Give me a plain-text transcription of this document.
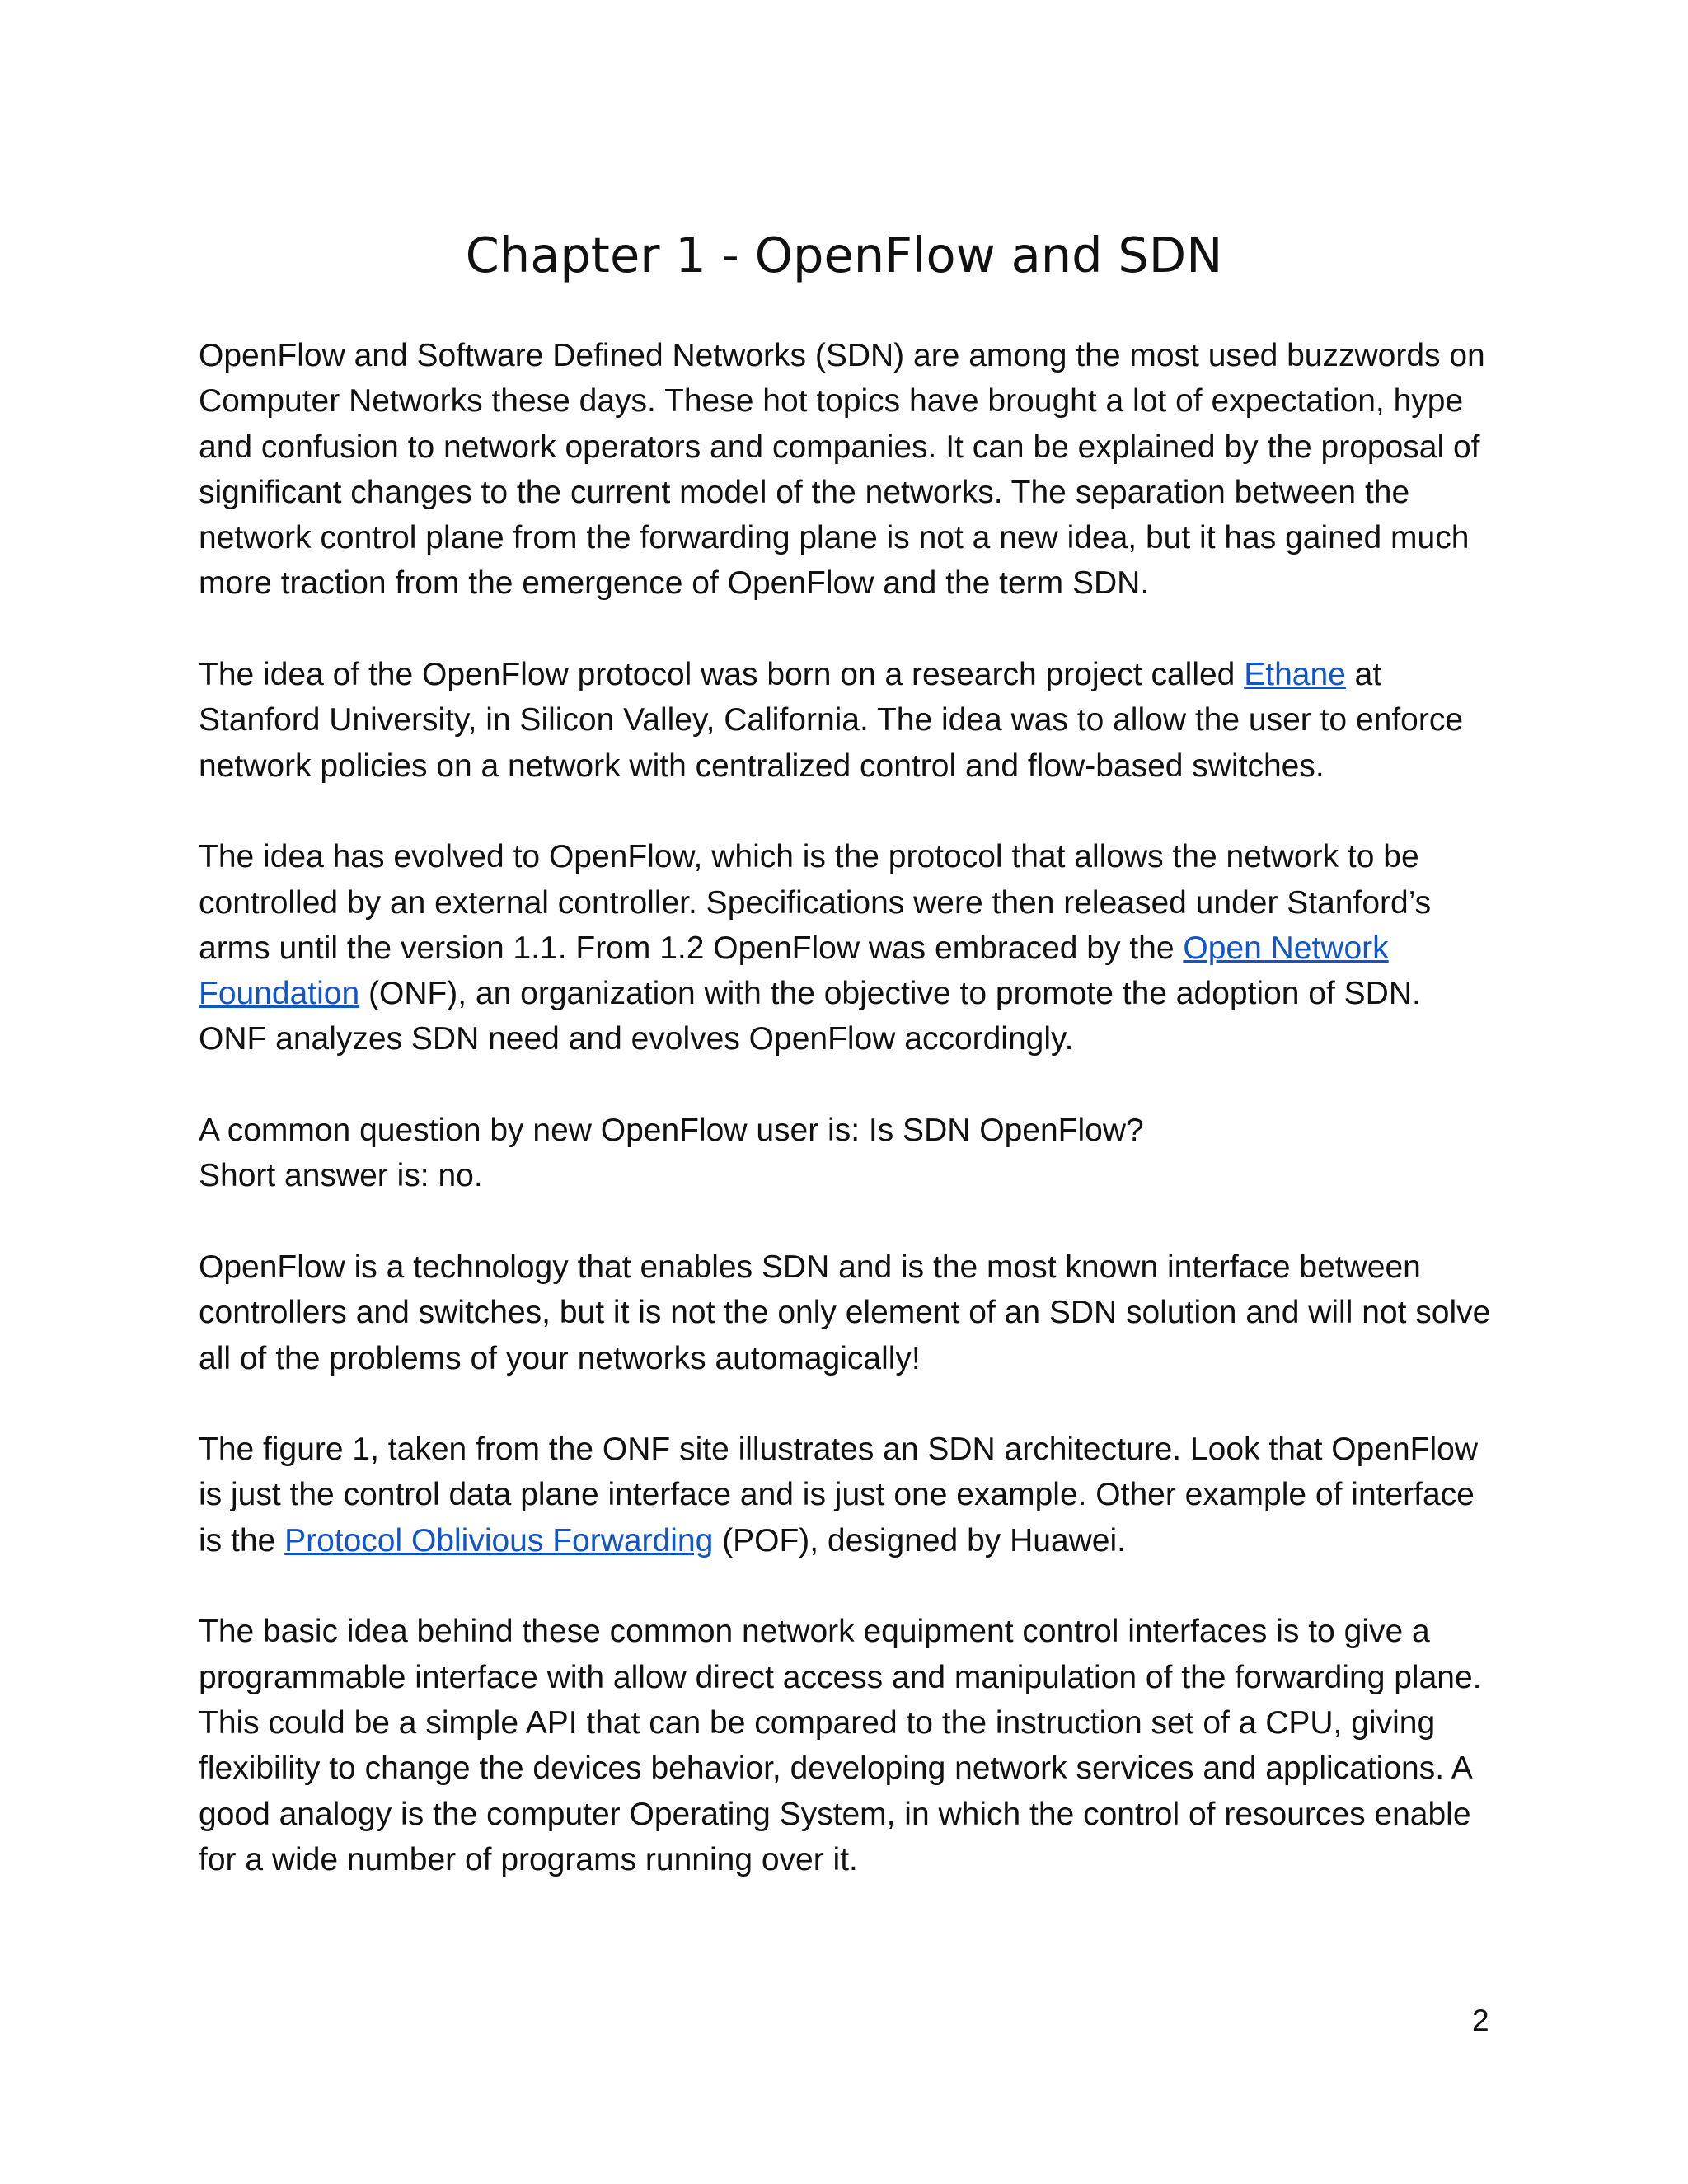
Chapter 1 - OpenFlow and SDN

OpenFlow and Software Defined Networks (SDN) are among the most used buzzwords on
Computer Networks these days. These hot topics have brought a lot of expectation, hype
and confusion to network operators and companies. It can be explained by the proposal of
significant changes to the current model of the networks. The separation between the
network control plane from the forwarding plane is not a new idea, but it has gained much
more traction from the emergence of OpenFlow and the term SDN.

The idea of the OpenFlow protocol was born on a research project called Ethane at
Stanford University, in Silicon Valley, California. The idea was to allow the user to enforce
network policies on a network with centralized control and flow-based switches.

The idea has evolved to OpenFlow, which is the protocol that allows the network to be
controlled by an external controller. Specifications were then released under Stanford’s
arms until the version 1.1. From 1.2 OpenFlow was embraced by the Open Network
Foundation (ONF), an organization with the objective to promote the adoption of SDN.
ONF analyzes SDN need and evolves OpenFlow accordingly.

A common question by new OpenFlow user is: Is SDN OpenFlow?
Short answer is: no.

OpenFlow is a technology that enables SDN and is the most known interface between
controllers and switches, but it is not the only element of an SDN solution and will not solve
all of the problems of your networks automagically!

The figure 1, taken from the ONF site illustrates an SDN architecture. Look that OpenFlow
is just the control data plane interface and is just one example. Other example of interface
is the Protocol Oblivious Forwarding (POF), designed by Huawei.

The basic idea behind these common network equipment control interfaces is to give a
programmable interface with allow direct access and manipulation of the forwarding plane.
This could be a simple API that can be compared to the instruction set of a CPU, giving
flexibility to change the devices behavior, developing network services and applications. A
good analogy is the computer Operating System, in which the control of resources enable
for a wide number of programs running over it.

2
